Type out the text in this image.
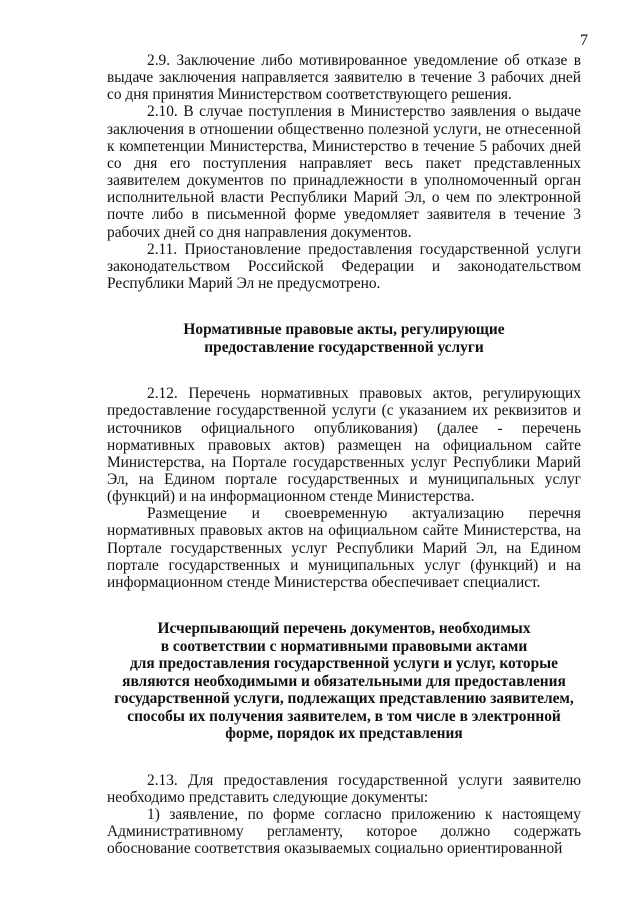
7

2.9. Заключение либо мотивированное уведомление об отказе в выдаче заключения направляется заявителю в течение 3 рабочих дней со дня принятия Министерством соответствующего решения.

2.10. В случае поступления в Министерство заявления о выдаче заключения в отношении общественно полезной услуги, не отнесенной к компетенции Министерства, Министерство в течение 5 рабочих дней со дня его поступления направляет весь пакет представленных заявителем документов по принадлежности в уполномоченный орган исполнительной власти Республики Марий Эл, о чем по электронной почте либо в письменной форме уведомляет заявителя в течение 3 рабочих дней со дня направления документов.

2.11. Приостановление предоставления государственной услуги законодательством Российской Федерации и законодательством Республики Марий Эл не предусмотрено.

Нормативные правовые акты, регулирующие

предоставление государственной услуги

2.12. Перечень нормативных правовых актов, регулирующих предоставление государственной услуги (с указанием их реквизитов и источников официального опубликования) (далее - перечень нормативных правовых актов) размещен на официальном сайте Министерства, на Портале государственных услуг Республики Марий Эл, на Едином портале государственных и муниципальных услуг (функций) и на информационном стенде Министерства.

Размещение и своевременную актуализацию перечня нормативных правовых актов на официальном сайте Министерства, на Портале государственных услуг Республики Марий Эл, на Едином портале государственных и муниципальных услуг (функций) и на информационном стенде Министерства обеспечивает специалист.

Исчерпывающий перечень документов, необходимых

в соответствии с нормативными правовыми актами

для предоставления государственной услуги и услуг, которые

являются необходимыми и обязательными для предоставления

государственной услуги, подлежащих представлению заявителем,

способы их получения заявителем, в том числе в электронной

форме, порядок их представления

2.13. Для предоставления государственной услуги заявителю необходимо представить следующие документы:

1) заявление, по форме согласно приложению к настоящему Административному регламенту, которое должно содержать обоснование соответствия оказываемых социально ориентированной
